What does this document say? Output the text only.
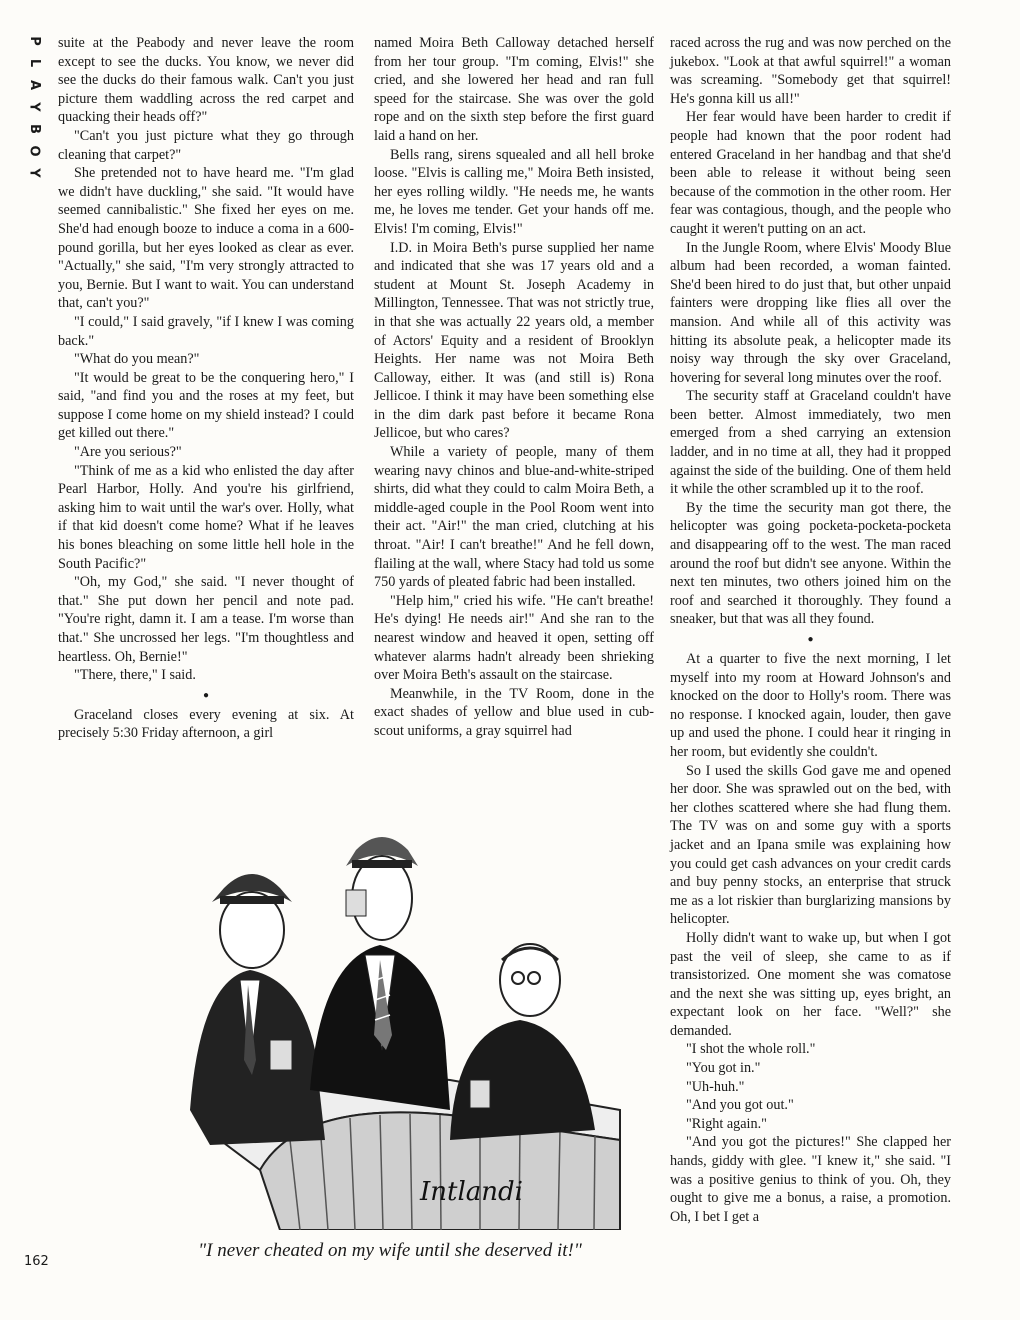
P
L
A
Y
B
O
Y

suite at the Peabody and never leave the room except to see the ducks. You know, we never did see the ducks do their famous walk. Can't you just picture them waddling across the red carpet and quacking their heads off?"

"Can't you just picture what they go through cleaning that carpet?"

She pretended not to have heard me. "I'm glad we didn't have duckling," she said. "It would have seemed cannibalistic." She fixed her eyes on me. She'd had enough booze to induce a coma in a 600-pound gorilla, but her eyes looked as clear as ever. "Actually," she said, "I'm very strongly attracted to you, Bernie. But I want to wait. You can understand that, can't you?"

"I could," I said gravely, "if I knew I was coming back."

"What do you mean?"

"It would be great to be the conquering hero," I said, "and find you and the roses at my feet, but suppose I come home on my shield instead? I could get killed out there."

"Are you serious?"

"Think of me as a kid who enlisted the day after Pearl Harbor, Holly. And you're his girlfriend, asking him to wait until the war's over. Holly, what if that kid doesn't come home? What if he leaves his bones bleaching on some little hell hole in the South Pacific?"

"Oh, my God," she said. "I never thought of that." She put down her pencil and note pad. "You're right, damn it. I am a tease. I'm worse than that." She uncrossed her legs. "I'm thoughtless and heartless. Oh, Bernie!"

"There, there," I said.

●

Graceland closes every evening at six. At precisely 5:30 Friday afternoon, a girl

named Moira Beth Calloway detached herself from her tour group. "I'm coming, Elvis!" she cried, and she lowered her head and ran full speed for the staircase. She was over the gold rope and on the sixth step before the first guard laid a hand on her.

Bells rang, sirens squealed and all hell broke loose. "Elvis is calling me," Moira Beth insisted, her eyes rolling wildly. "He needs me, he wants me, he loves me tender. Get your hands off me. Elvis! I'm coming, Elvis!"

I.D. in Moira Beth's purse supplied her name and indicated that she was 17 years old and a student at Mount St. Joseph Academy in Millington, Tennessee. That was not strictly true, in that she was actually 22 years old, a member of Actors' Equity and a resident of Brooklyn Heights. Her name was not Moira Beth Calloway, either. It was (and still is) Rona Jellicoe. I think it may have been something else in the dim dark past before it became Rona Jellicoe, but who cares?

While a variety of people, many of them wearing navy chinos and blue-and-white-striped shirts, did what they could to calm Moira Beth, a middle-aged couple in the Pool Room went into their act. "Air!" the man cried, clutching at his throat. "Air! I can't breathe!" And he fell down, flailing at the wall, where Stacy had told us some 750 yards of pleated fabric had been installed.

"Help him," cried his wife. "He can't breathe! He's dying! He needs air!" And she ran to the nearest window and heaved it open, setting off whatever alarms hadn't already been shrieking over Moira Beth's assault on the staircase.

Meanwhile, in the TV Room, done in the exact shades of yellow and blue used in cub-scout uniforms, a gray squirrel had

raced across the rug and was now perched on the jukebox. "Look at that awful squirrel!" a woman was screaming. "Somebody get that squirrel! He's gonna kill us all!"

Her fear would have been harder to credit if people had known that the poor rodent had entered Graceland in her handbag and that she'd been able to release it without being seen because of the commotion in the other room. Her fear was contagious, though, and the people who caught it weren't putting on an act.

In the Jungle Room, where Elvis' Moody Blue album had been recorded, a woman fainted. She'd been hired to do just that, but other unpaid fainters were dropping like flies all over the mansion. And while all of this activity was hitting its absolute peak, a helicopter made its noisy way through the sky over Graceland, hovering for several long minutes over the roof.

The security staff at Graceland couldn't have been better. Almost immediately, two men emerged from a shed carrying an extension ladder, and in no time at all, they had it propped against the side of the building. One of them held it while the other scrambled up it to the roof.

By the time the security man got there, the helicopter was going pocketa-pocketa-pocketa and disappearing off to the west. The man raced around the roof but didn't see anyone. Within the next ten minutes, two others joined him on the roof and searched it thoroughly. They found a sneaker, but that was all they found.

●

At a quarter to five the next morning, I let myself into my room at Howard Johnson's and knocked on the door to Holly's room. There was no response. I knocked again, louder, then gave up and used the phone. I could hear it ringing in her room, but evidently she couldn't.

So I used the skills God gave me and opened her door. She was sprawled out on the bed, with her clothes scattered where she had flung them. The TV was on and some guy with a sports jacket and an Ipana smile was explaining how you could get cash advances on your credit cards and buy penny stocks, an enterprise that struck me as a lot riskier than burglarizing mansions by helicopter.

Holly didn't want to wake up, but when I got past the veil of sleep, she came to as if transistorized. One moment she was comatose and the next she was sitting up, eyes bright, an expectant look on her face. "Well?" she demanded.

"I shot the whole roll."

"You got in."

"Uh-huh."

"And you got out."

"Right again."

"And you got the pictures!" She clapped her hands, giddy with glee. "I knew it," she said. "I was a positive genius to think of you. Oh, they ought to give me a bonus, a raise, a promotion. Oh, I bet I get a

Intlandi
"I never cheated on my wife until she deserved it!"
162
